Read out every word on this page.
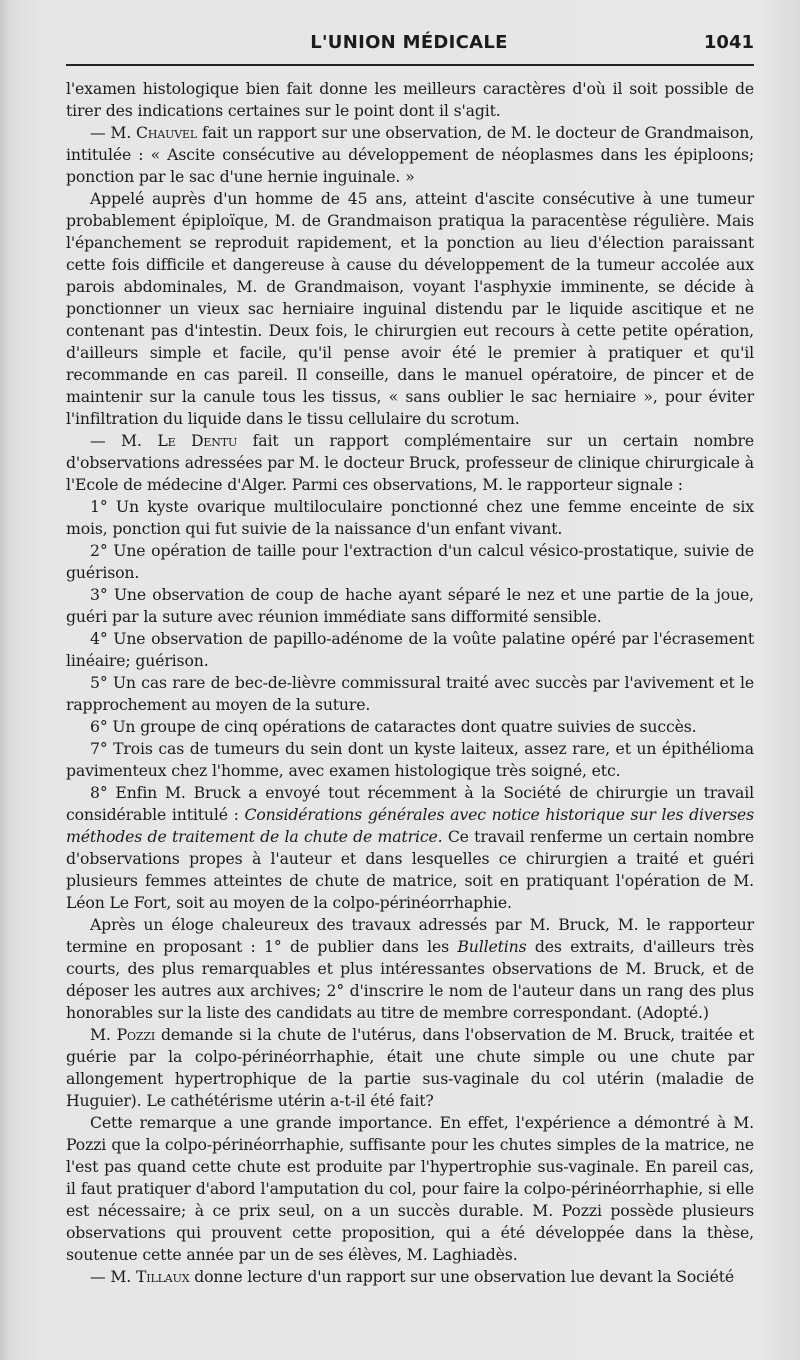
L'UNION MÉDICALE	1041

l'examen histologique bien fait donne les meilleurs caractères d'où il soit possible de tirer des indications certaines sur le point dont il s'agit.

— M. Chauvel fait un rapport sur une observation, de M. le docteur de Grandmaison, intitulée : « Ascite consécutive au développement de néoplasmes dans les épiploons; ponction par le sac d'une hernie inguinale. »

Appelé auprès d'un homme de 45 ans, atteint d'ascite consécutive à une tumeur probablement épiploïque, M. de Grandmaison pratiqua la paracentèse régulière. Mais l'épanchement se reproduit rapidement, et la ponction au lieu d'élection paraissant cette fois difficile et dangereuse à cause du développement de la tumeur accolée aux parois abdominales, M. de Grandmaison, voyant l'asphyxie imminente, se décide à ponctionner un vieux sac herniaire inguinal distendu par le liquide ascitique et ne contenant pas d'intestin. Deux fois, le chirurgien eut recours à cette petite opération, d'ailleurs simple et facile, qu'il pense avoir été le premier à pratiquer et qu'il recommande en cas pareil. Il conseille, dans le manuel opératoire, de pincer et de maintenir sur la canule tous les tissus, « sans oublier le sac herniaire », pour éviter l'infiltration du liquide dans le tissu cellulaire du scrotum.

— M. Le Dentu fait un rapport complémentaire sur un certain nombre d'observations adressées par M. le docteur Bruck, professeur de clinique chirurgicale à l'Ecole de médecine d'Alger. Parmi ces observations, M. le rapporteur signale :

1° Un kyste ovarique multiloculaire ponctionné chez une femme enceinte de six mois, ponction qui fut suivie de la naissance d'un enfant vivant.

2° Une opération de taille pour l'extraction d'un calcul vésico-prostatique, suivie de guérison.

3° Une observation de coup de hache ayant séparé le nez et une partie de la joue, guéri par la suture avec réunion immédiate sans difformité sensible.

4° Une observation de papillo-adénome de la voûte palatine opéré par l'écrasement linéaire; guérison.

5° Un cas rare de bec-de-lièvre commissural traité avec succès par l'avivement et le rapprochement au moyen de la suture.

6° Un groupe de cinq opérations de cataractes dont quatre suivies de succès.

7° Trois cas de tumeurs du sein dont un kyste laiteux, assez rare, et un épithélioma pavimenteux chez l'homme, avec examen histologique très soigné, etc.

8° Enfin M. Bruck a envoyé tout récemment à la Société de chirurgie un travail considérable intitulé : Considérations générales avec notice historique sur les diverses méthodes de traitement de la chute de matrice. Ce travail renferme un certain nombre d'observations propes à l'auteur et dans lesquelles ce chirurgien a traité et guéri plusieurs femmes atteintes de chute de matrice, soit en pratiquant l'opération de M. Léon Le Fort, soit au moyen de la colpo-périnéorrhaphie.

Après un éloge chaleureux des travaux adressés par M. Bruck, M. le rapporteur termine en proposant : 1° de publier dans les Bulletins des extraits, d'ailleurs très courts, des plus remarquables et plus intéressantes observations de M. Bruck, et de déposer les autres aux archives; 2° d'inscrire le nom de l'auteur dans un rang des plus honorables sur la liste des candidats au titre de membre correspondant. (Adopté.)

M. Pozzi demande si la chute de l'utérus, dans l'observation de M. Bruck, traitée et guérie par la colpo-périnéorrhaphie, était une chute simple ou une chute par allongement hypertrophique de la partie sus-vaginale du col utérin (maladie de Huguier). Le cathétérisme utérin a-t-il été fait?

Cette remarque a une grande importance. En effet, l'expérience a démontré à M. Pozzi que la colpo-périnéorrhaphie, suffisante pour les chutes simples de la matrice, ne l'est pas quand cette chute est produite par l'hypertrophie sus-vaginale. En pareil cas, il faut pratiquer d'abord l'amputation du col, pour faire la colpo-périnéorrhaphie, si elle est nécessaire; à ce prix seul, on a un succès durable. M. Pozzi possède plusieurs observations qui prouvent cette proposition, qui a été développée dans la thèse, soutenue cette année par un de ses élèves, M. Laghiadès.

— M. Tillaux donne lecture d'un rapport sur une observation lue devant la Société
